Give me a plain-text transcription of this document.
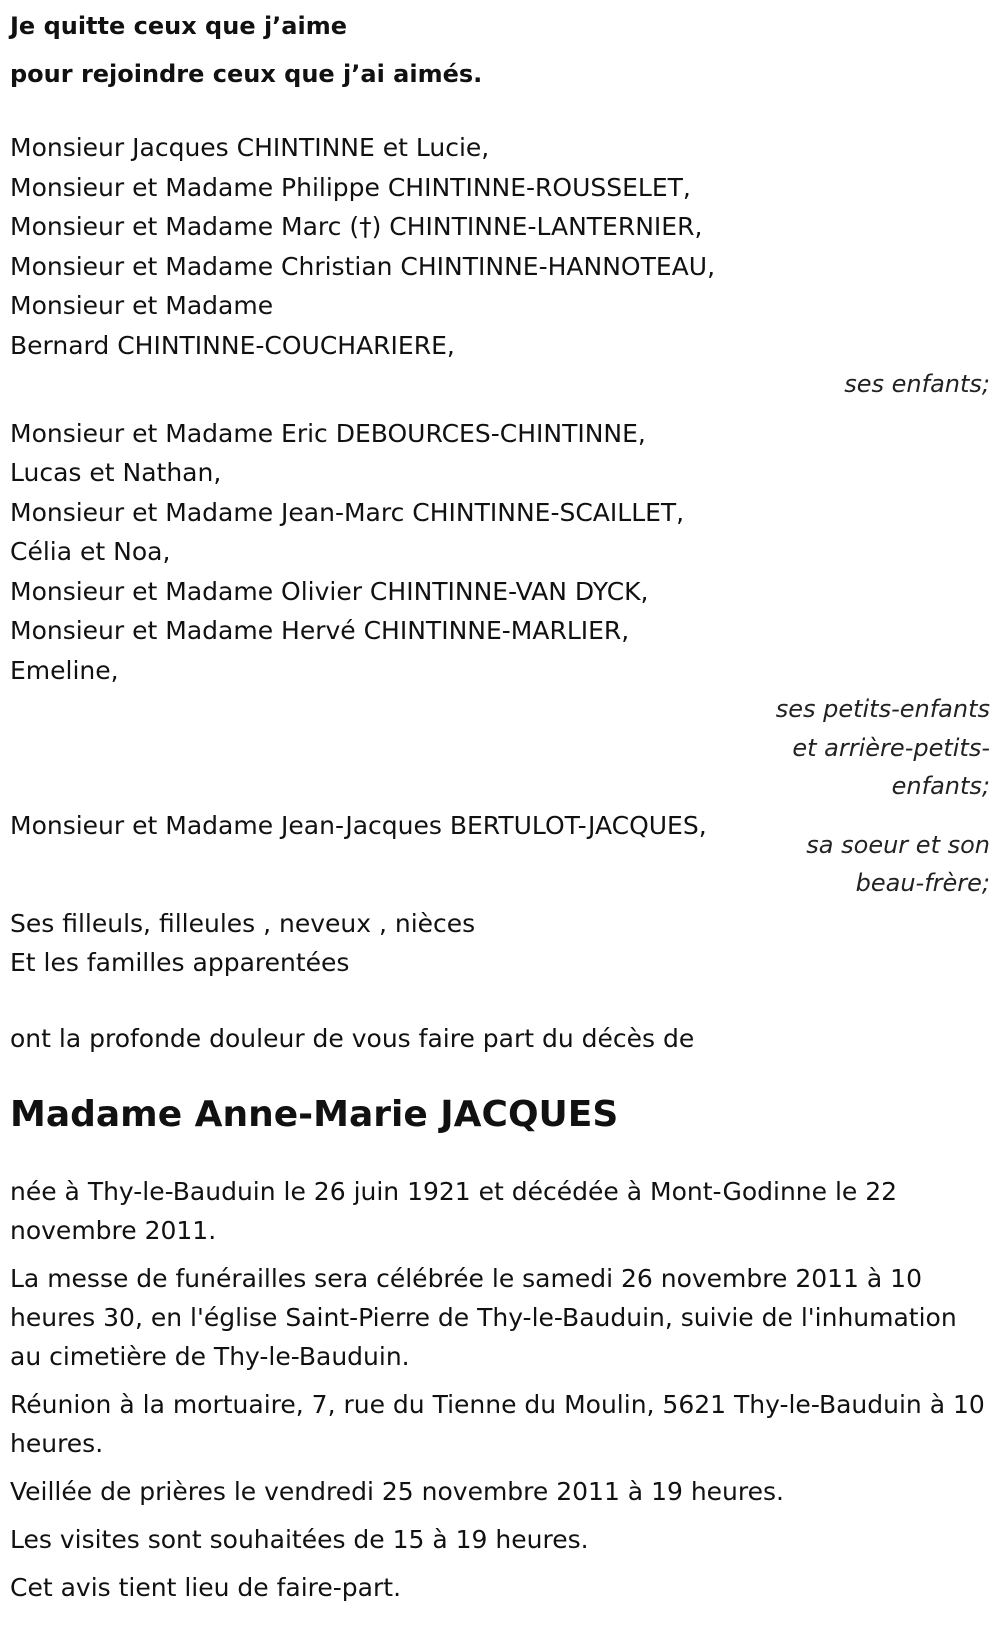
Je quitte ceux que j’aime
pour rejoindre ceux que j’ai aimés.
Monsieur Jacques CHINTINNE et Lucie,
Monsieur et Madame Philippe CHINTINNE-ROUSSELET,
Monsieur et Madame Marc (†) CHINTINNE-LANTERNIER,
Monsieur et Madame Christian CHINTINNE-HANNOTEAU,
Monsieur et Madame
Bernard CHINTINNE-COUCHARIERE,
ses enfants;
Monsieur et Madame Eric DEBOURCES-CHINTINNE,
Lucas et Nathan,
Monsieur et Madame Jean-Marc CHINTINNE-SCAILLET,
Célia et Noa,
Monsieur et Madame Olivier CHINTINNE-VAN DYCK,
Monsieur et Madame Hervé CHINTINNE-MARLIER,
Emeline,
ses petits-enfants
et arrière-petits-
enfants;
Monsieur et Madame Jean-Jacques BERTULOT-JACQUES,
sa soeur et son
beau-frère;
Ses filleuls, filleules , neveux , nièces
Et les familles apparentées
ont la profonde douleur de vous faire part du décès de
Madame Anne-Marie JACQUES

née à Thy-le-Bauduin le 26 juin 1921 et décédée à Mont-Godinne le 22 novembre 2011.

La messe de funérailles sera célébrée le samedi 26 novembre 2011 à 10 heures 30, en l'église Saint-Pierre de Thy-le-Bauduin, suivie de l'inhumation au cimetière de Thy-le-Bauduin.

Réunion à la mortuaire, 7, rue du Tienne du Moulin, 5621 Thy-le-Bauduin à 10 heures.

Veillée de prières le vendredi 25 novembre 2011 à 19 heures.

Les visites sont souhaitées de 15 à 19 heures.

Cet avis tient lieu de faire-part.
